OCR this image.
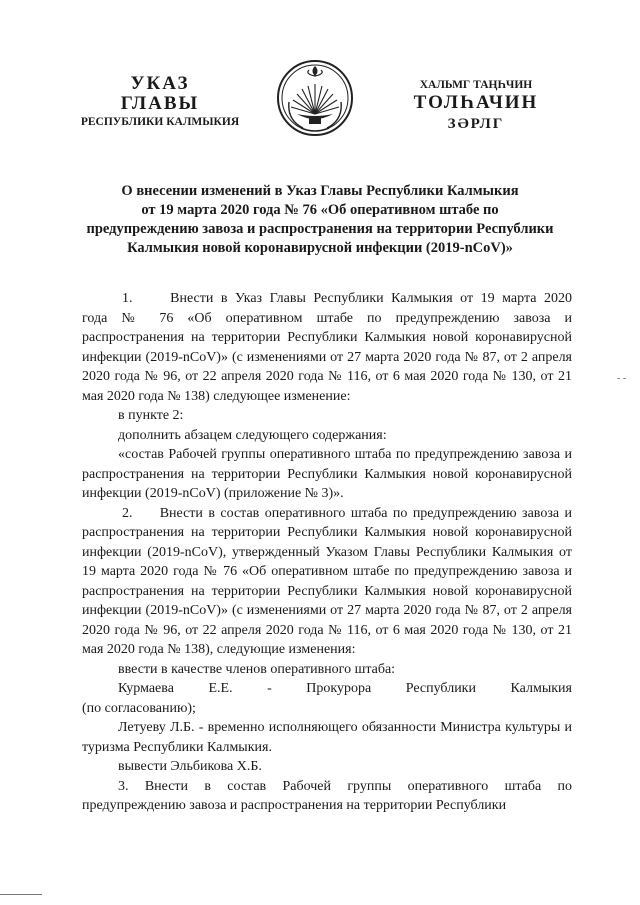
УКАЗ
ГЛАВЫ
РЕСПУБЛИКИ КАЛМЫКИЯ
ХАЛЬМГ ТАҢҺЧИН
ТОЛҺАЧИН
ЗӘРЛГ
О внесении изменений в Указ Главы Республики Калмыкия
от 19 марта 2020 года № 76 «Об оперативном штабе по
предупреждению завоза и распространения на территории Республики
Калмыкия новой коронавирусной инфекции (2019-nCoV)»

1.     Внести в Указ Главы Республики Калмыкия от 19 марта 2020

года № 76 «Об оперативном штабе по предупреждению завоза и распространения на территории Республики Калмыкия новой коронавирусной инфекции (2019-nCoV)» (с изменениями от 27 марта 2020 года № 87, от 2 апреля 2020 года № 96, от 22 апреля 2020 года № 116, от 6 мая 2020 года № 130, от 21 мая 2020 года № 138) следующее изменение:

в пункте 2:

дополнить абзацем следующего содержания:

«состав Рабочей группы оперативного штаба по предупреждению завоза и распространения на территории Республики Калмыкия новой коронавирусной инфекции (2019-nCoV) (приложение № 3)».

2.     Внести в состав оперативного штаба по предупреждению завоза и распространения на территории Республики Калмыкия новой коронавирусной инфекции (2019-nCoV), утвержденный Указом Главы Республики Калмыкия от 19 марта 2020 года № 76 «Об оперативном штабе по предупреждению завоза и распространения на территории Республики Калмыкия новой коронавирусной инфекции (2019-nCoV)» (с изменениями от 27 марта 2020 года № 87, от 2 апреля 2020 года № 96, от 22 апреля 2020 года № 116, от 6 мая 2020 года № 130, от 21 мая 2020 года № 138), следующие изменения:

ввести в качестве членов оперативного штаба:

Курмаева    Е.Е.    -    Прокурора    Республики    Калмыкия

(по согласованию);

Летуеву Л.Б. - временно исполняющего обязанности Министра культуры и туризма Республики Калмыкия.

вывести Эльбикова Х.Б.

3. Внести в состав Рабочей группы оперативного штаба по предупреждению завоза и распространения на территории Республики

- -
